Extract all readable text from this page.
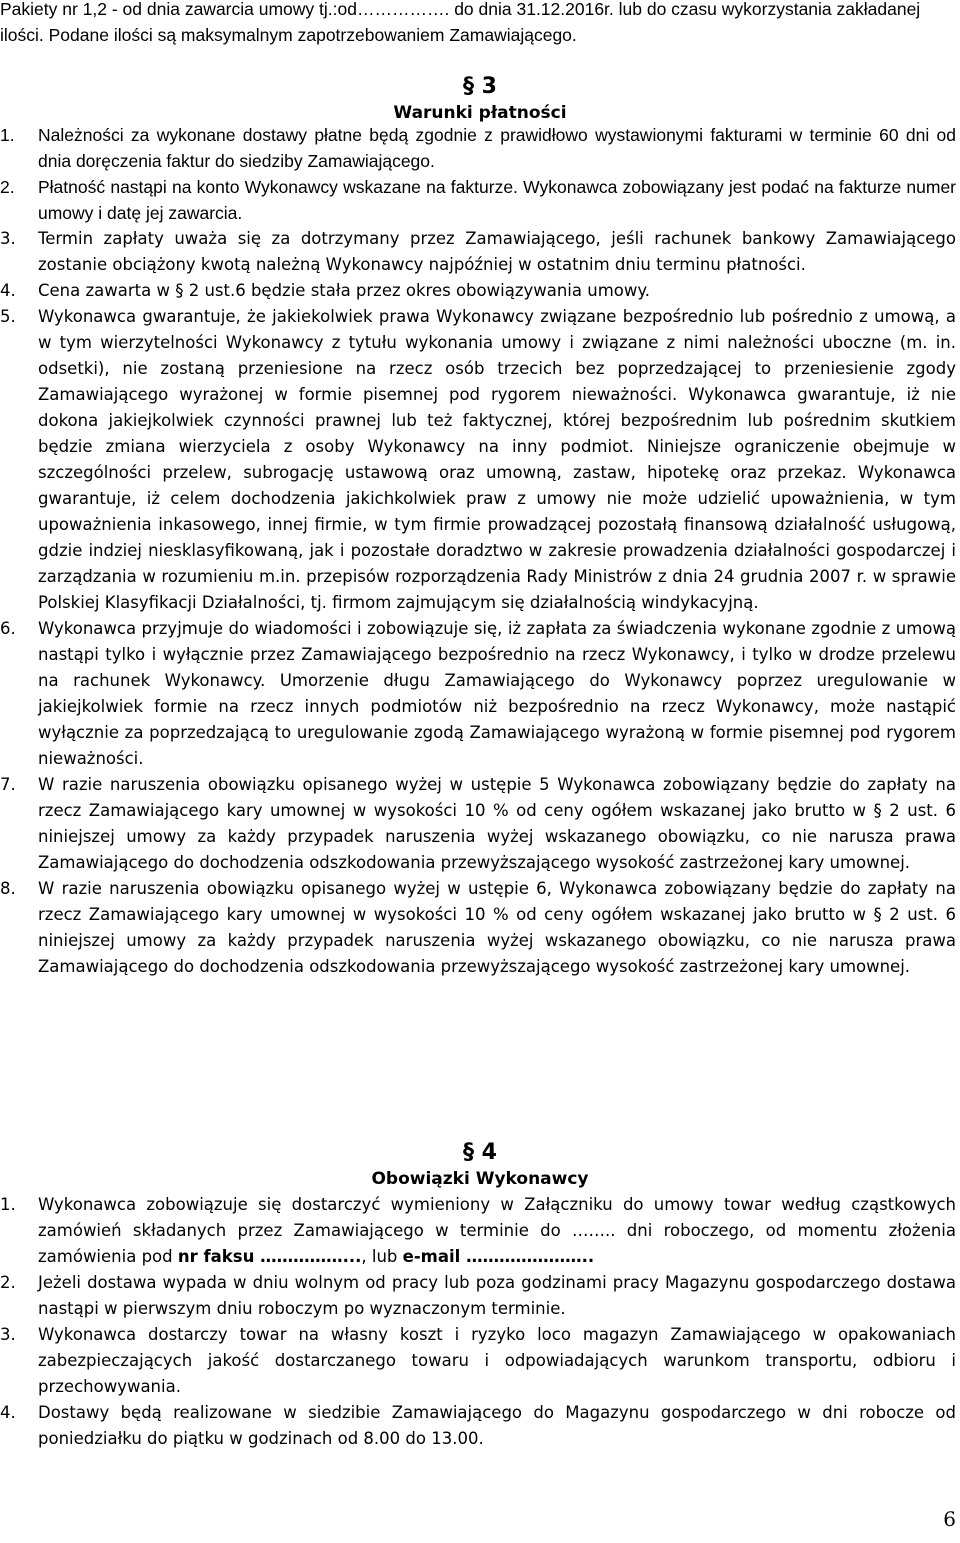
Pakiety nr 1,2 - od dnia zawarcia umowy tj.:od……………. do dnia 31.12.2016r. lub do czasu wykorzystania zakładanej ilości. Podane ilości są maksymalnym zapotrzebowaniem Zamawiającego.
§ 3
Warunki płatności
1. Należności za wykonane dostawy płatne będą zgodnie z prawidłowo wystawionymi fakturami w terminie 60 dni od dnia doręczenia faktur do siedziby Zamawiającego.
2. Płatność nastąpi na konto Wykonawcy wskazane na fakturze. Wykonawca zobowiązany jest podać na fakturze numer umowy i datę jej zawarcia.
3. Termin zapłaty uważa się za dotrzymany przez Zamawiającego, jeśli rachunek bankowy Zamawiającego zostanie obciążony kwotą należną Wykonawcy najpóźniej w ostatnim dniu terminu płatności.
4. Cena zawarta w § 2 ust.6 będzie stała przez okres obowiązywania umowy.
5. Wykonawca gwarantuje, że jakiekolwiek prawa Wykonawcy związane bezpośrednio lub pośrednio z umową, a w tym wierzytelności Wykonawcy z tytułu wykonania umowy i związane z nimi należności uboczne (m. in. odsetki), nie zostaną przeniesione na rzecz osób trzecich bez poprzedzającej to przeniesienie zgody Zamawiającego wyrażonej w formie pisemnej pod rygorem nieważności. Wykonawca gwarantuje, iż nie dokona jakiejkolwiek czynności prawnej lub też faktycznej, której bezpośrednim lub pośrednim skutkiem będzie zmiana wierzyciela z osoby Wykonawcy na inny podmiot. Niniejsze ograniczenie obejmuje w szczególności przelew, subrogację ustawową oraz umowną, zastaw, hipotekę oraz przekaz. Wykonawca gwarantuje, iż celem dochodzenia jakichkolwiek praw z umowy nie może udzielić upoważnienia, w tym upoważnienia inkasowego, innej firmie, w tym firmie prowadzącej pozostałą finansową działalność usługową, gdzie indziej niesklasyfikowaną, jak i pozostałe doradztwo w zakresie prowadzenia działalności gospodarczej i zarządzania w rozumieniu m.in. przepisów rozporządzenia Rady Ministrów z dnia 24 grudnia 2007 r. w sprawie Polskiej Klasyfikacji Działalności, tj. firmom zajmującym się działalnością windykacyjną.
6. Wykonawca przyjmuje do wiadomości i zobowiązuje się, iż zapłata za świadczenia wykonane zgodnie z umową nastąpi tylko i wyłącznie przez Zamawiającego bezpośrednio na rzecz Wykonawcy, i tylko w drodze przelewu na rachunek Wykonawcy. Umorzenie długu Zamawiającego do Wykonawcy poprzez uregulowanie w jakiejkolwiek formie na rzecz innych podmiotów niż bezpośrednio na rzecz Wykonawcy, może nastąpić wyłącznie za poprzedzającą to uregulowanie zgodą Zamawiającego wyrażoną w formie pisemnej pod rygorem nieważności.
7. W razie naruszenia obowiązku opisanego wyżej w ustępie 5 Wykonawca zobowiązany będzie do zapłaty na rzecz Zamawiającego kary umownej w wysokości 10 % od ceny ogółem wskazanej jako brutto w § 2 ust. 6 niniejszej umowy za każdy przypadek naruszenia wyżej wskazanego obowiązku, co nie narusza prawa Zamawiającego do dochodzenia odszkodowania przewyższającego wysokość zastrzeżonej kary umownej.
8. W razie naruszenia obowiązku opisanego wyżej w ustępie 6, Wykonawca zobowiązany będzie do zapłaty na rzecz Zamawiającego kary umownej w wysokości 10 % od ceny ogółem wskazanej jako brutto w § 2 ust. 6 niniejszej umowy za każdy przypadek naruszenia wyżej wskazanego obowiązku, co nie narusza prawa Zamawiającego do dochodzenia odszkodowania przewyższającego wysokość zastrzeżonej kary umownej.
§ 4
Obowiązki Wykonawcy
1. Wykonawca zobowiązuje się dostarczyć wymieniony w Załączniku do umowy towar według cząstkowych zamówień składanych przez Zamawiającego w terminie do …….. dni roboczego, od momentu złożenia zamówienia pod nr faksu ……………..., lub e-mail …………………..
2. Jeżeli dostawa wypada w dniu wolnym od pracy lub poza godzinami pracy Magazynu gospodarczego dostawa nastąpi w pierwszym dniu roboczym po wyznaczonym terminie.
3. Wykonawca dostarczy towar na własny koszt i ryzyko loco magazyn Zamawiającego w opakowaniach zabezpieczających jakość dostarczanego towaru i odpowiadających warunkom transportu, odbioru i przechowywania.
4. Dostawy będą realizowane w siedzibie Zamawiającego do Magazynu gospodarczego w dni robocze od poniedziałku do piątku w godzinach od 8.00 do 13.00.
6
